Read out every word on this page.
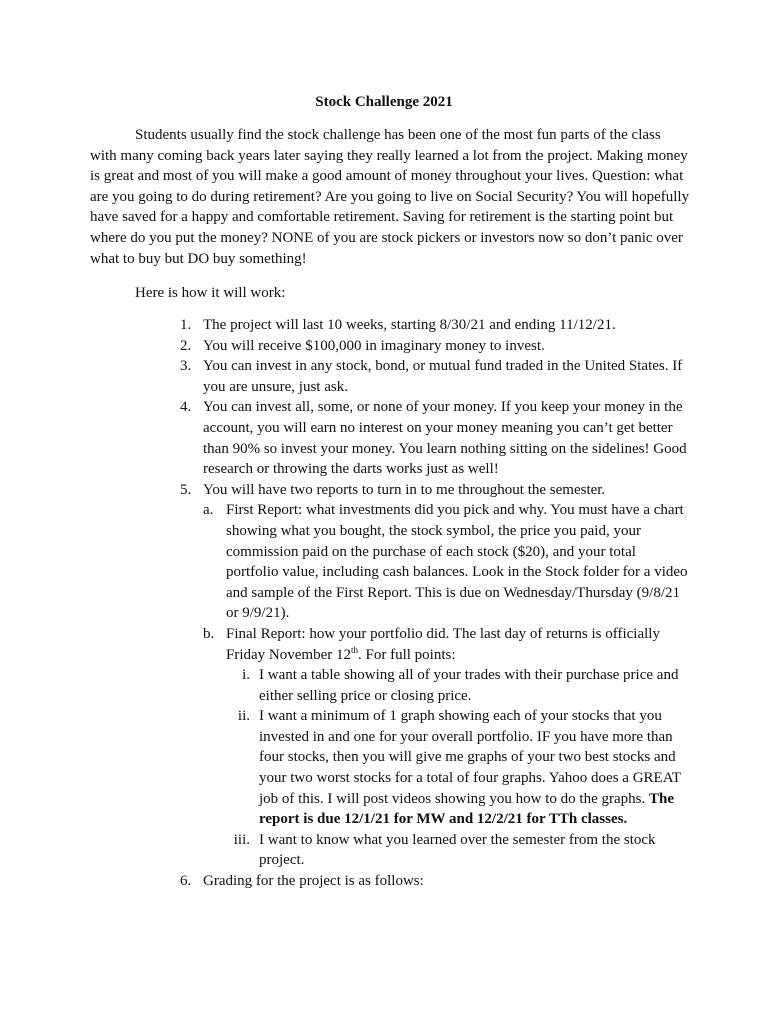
Stock Challenge 2021

Students usually find the stock challenge has been one of the most fun parts of the class with many coming back years later saying they really learned a lot from the project. Making money is great and most of you will make a good amount of money throughout your lives. Question: what are you going to do during retirement? Are you going to live on Social Security? You will hopefully have saved for a happy and comfortable retirement. Saving for retirement is the starting point but where do you put the money? NONE of you are stock pickers or investors now so don’t panic over what to buy but DO buy something!

Here is how it will work:

1. The project will last 10 weeks, starting 8/30/21 and ending 11/12/21.
2. You will receive $100,000 in imaginary money to invest.
3. You can invest in any stock, bond, or mutual fund traded in the United States. If you are unsure, just ask.
4. You can invest all, some, or none of your money. If you keep your money in the account, you will earn no interest on your money meaning you can’t get better than 90% so invest your money. You learn nothing sitting on the sidelines! Good research or throwing the darts works just as well!
5. You will have two reports to turn in to me throughout the semester.
a. First Report: what investments did you pick and why. You must have a chart showing what you bought, the stock symbol, the price you paid, your commission paid on the purchase of each stock ($20), and your total portfolio value, including cash balances. Look in the Stock folder for a video and sample of the First Report. This is due on Wednesday/Thursday (9/8/21 or 9/9/21).
b. Final Report: how your portfolio did. The last day of returns is officially Friday November 12th. For full points:
i. I want a table showing all of your trades with their purchase price and either selling price or closing price.
ii. I want a minimum of 1 graph showing each of your stocks that you invested in and one for your overall portfolio. IF you have more than four stocks, then you will give me graphs of your two best stocks and your two worst stocks for a total of four graphs. Yahoo does a GREAT job of this. I will post videos showing you how to do the graphs. The report is due 12/1/21 for MW and 12/2/21 for TTh classes.
iii. I want to know what you learned over the semester from the stock project.
6. Grading for the project is as follows:
